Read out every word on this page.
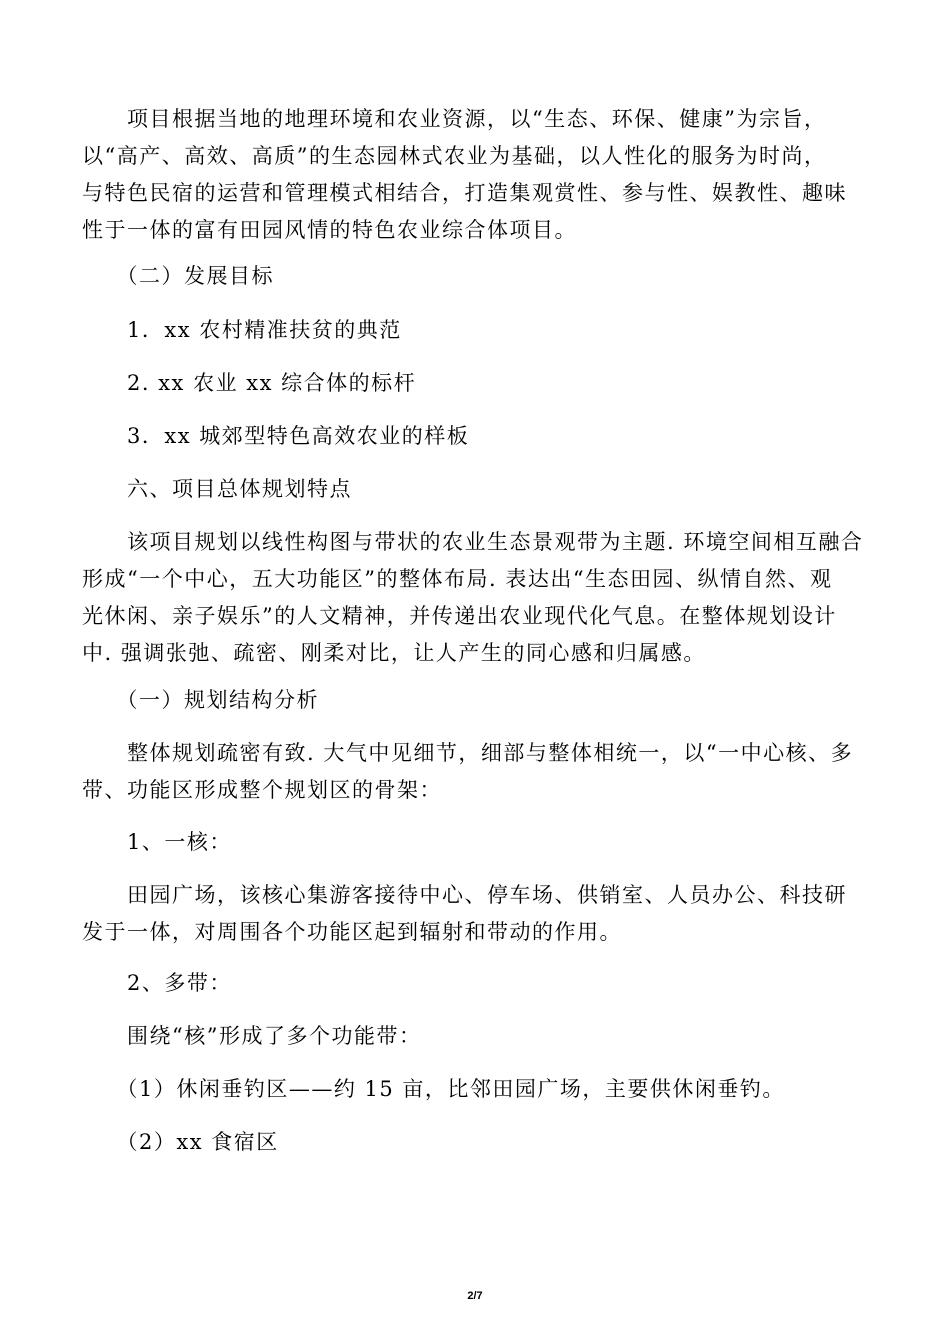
　　项目根据当地的地理环境和农业资源，以“生态、环保、健康”为宗旨，
以“高产、高效、高质”的生态园林式农业为基础，以人性化的服务为时尚，
与特色民宿的运营和管理模式相结合，打造集观赏性、参与性、娱教性、趣味
性于一体的富有田园风情的特色农业综合体项目。
　　（二）发展目标
　　1．xx 农村精准扶贫的典范
　　2. xx 农业 xx 综合体的标杆
　　3．xx 城郊型特色高效农业的样板
　　六、项目总体规划特点
　　该项目规划以线性构图与带状的农业生态景观带为主题. 环境空间相互融合
形成“一个中心，五大功能区”的整体布局. 表达出“生态田园、纵情自然、观
光休闲、亲子娱乐”的人文精神，并传递出农业现代化气息。在整体规划设计
中. 强调张弛、疏密、刚柔对比，让人产生的同心感和归属感。
　　（一）规划结构分析
　　整体规划疏密有致. 大气中见细节，细部与整体相统一，以“一中心核、多
带、功能区形成整个规划区的骨架：
　　1、一核：
　　田园广场，该核心集游客接待中心、停车场、供销室、人员办公、科技研
发于一体，对周围各个功能区起到辐射和带动的作用。
　　2、多带：
　　围绕“核”形成了多个功能带：
　　（1）休闲垂钓区——约 15 亩，比邻田园广场，主要供休闲垂钓。
　　（2）xx 食宿区
2/7
